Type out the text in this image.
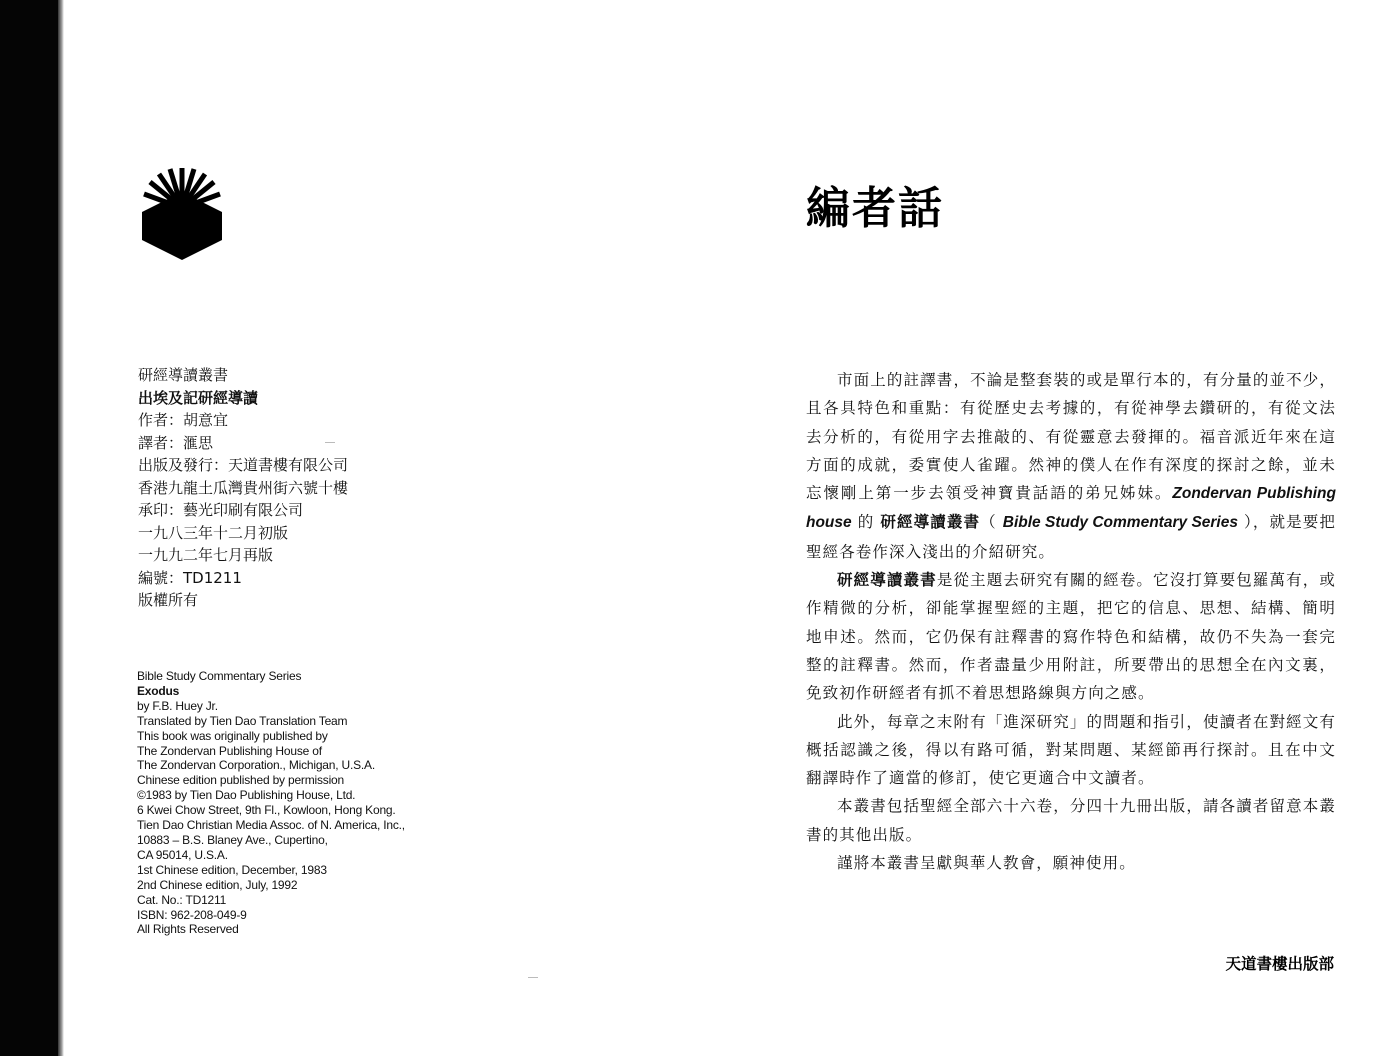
研經導讀叢書
出埃及記研經導讀
作者：胡意宜
譯者：滙思
出版及發行：天道書樓有限公司
香港九龍土瓜灣貴州街六號十樓
承印：藝光印刷有限公司
一九八三年十二月初版
一九九二年七月再版
編號：TD1211
版權所有
Bible Study Commentary Series
Exodus
by F.B. Huey Jr.
Translated by Tien Dao Translation Team
This book was originally published by
The Zondervan Publishing House of
The Zondervan Corporation., Michigan, U.S.A.
Chinese edition published by permission
©1983 by Tien Dao Publishing House, Ltd.
6 Kwei Chow Street, 9th Fl., Kowloon, Hong Kong.
Tien Dao Christian Media Assoc. of N. America, Inc.,
10883 – B.S. Blaney Ave., Cupertino,
CA 95014, U.S.A.
1st Chinese edition, December, 1983
2nd Chinese edition, July, 1992
Cat. No.: TD1211
ISBN: 962-208-049-9
All Rights Reserved
編者話

市面上的註譯書，不論是整套裝的或是單行本的，有分量的並不少，且各具特色和重點：有從歷史去考據的，有從神學去鑽研的，有從文法去分析的，有從用字去推敲的、有從靈意去發揮的。福音派近年來在這方面的成就，委實使人雀躍。然神的僕人在作有深度的探討之餘，並未忘懷剛上第一步去領受神寶貴話語的弟兄姊妹。Zondervan Publishing house 的 研經導讀叢書（ Bible Study Commentary Series ），就是要把聖經各卷作深入淺出的介紹研究。

研經導讀叢書是從主題去研究有關的經卷。它沒打算要包羅萬有，或作精微的分析，卻能掌握聖經的主題，把它的信息、思想、結構、簡明地申述。然而，它仍保有註釋書的寫作特色和結構，故仍不失為一套完整的註釋書。然而，作者盡量少用附註，所要帶出的思想全在內文裏，免致初作研經者有抓不着思想路線與方向之感。

此外，每章之末附有「進深研究」的問題和指引，使讀者在對經文有概括認識之後，得以有路可循，對某問題、某經節再行探討。且在中文翻譯時作了適當的修訂，使它更適合中文讀者。

本叢書包括聖經全部六十六卷，分四十九冊出版，請各讀者留意本叢書的其他出版。

謹將本叢書呈獻與華人教會，願神使用。

天道書樓出版部
